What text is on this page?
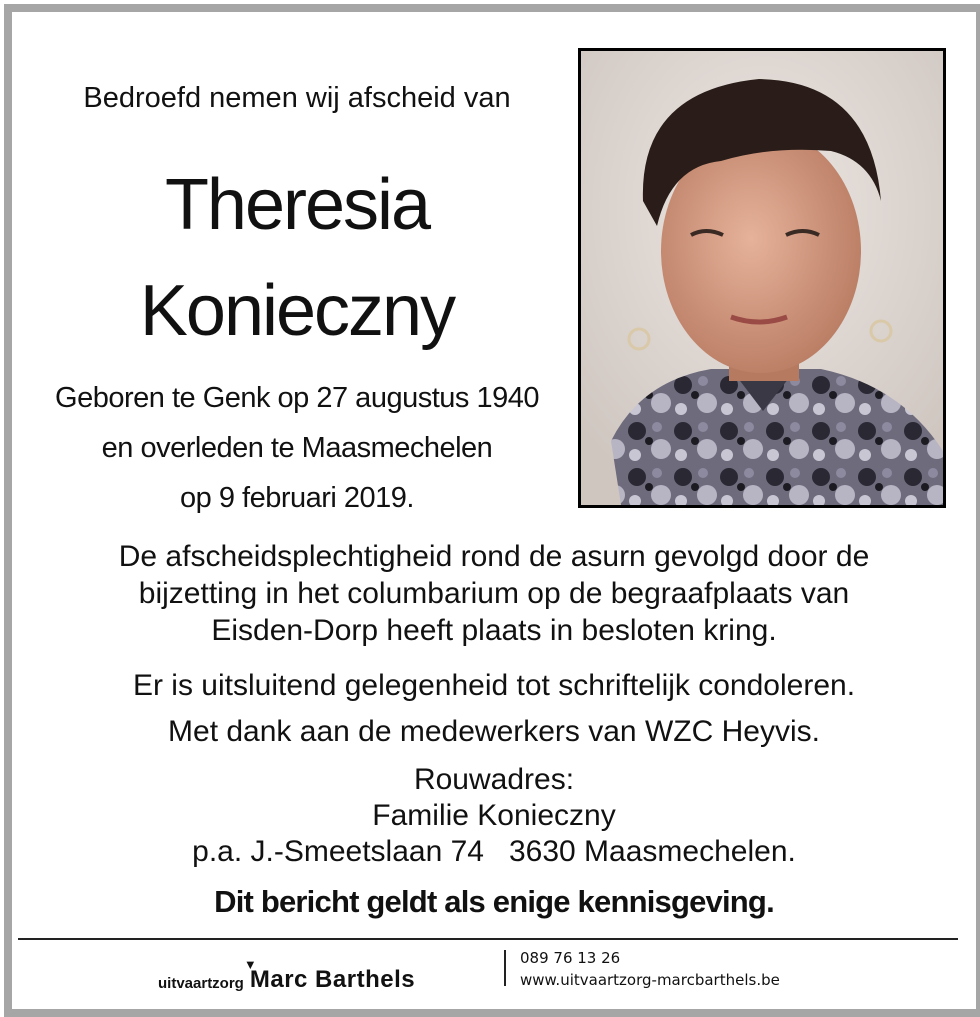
Bedroefd nemen wij afscheid van
Theresia
Konieczny
Geboren te Genk op 27 augustus 1940
en overleden te Maasmechelen
op 9 februari 2019.
De afscheidsplechtigheid rond de asurn gevolgd door de
bijzetting in het columbarium op de begraafplaats van
Eisden-Dorp heeft plaats in besloten kring.
Er is uitsluitend gelegenheid tot schriftelijk condoleren.
Met dank aan de medewerkers van WZC Heyvis.
Rouwadres:
Familie Konieczny
p.a. J.-Smeetslaan 74   3630 Maasmechelen.
Dit bericht geldt als enige kennisgeving.
uitvaartzorg
▼
Marc Barthels
089 76 13 26
www.uitvaartzorg-marcbarthels.be
